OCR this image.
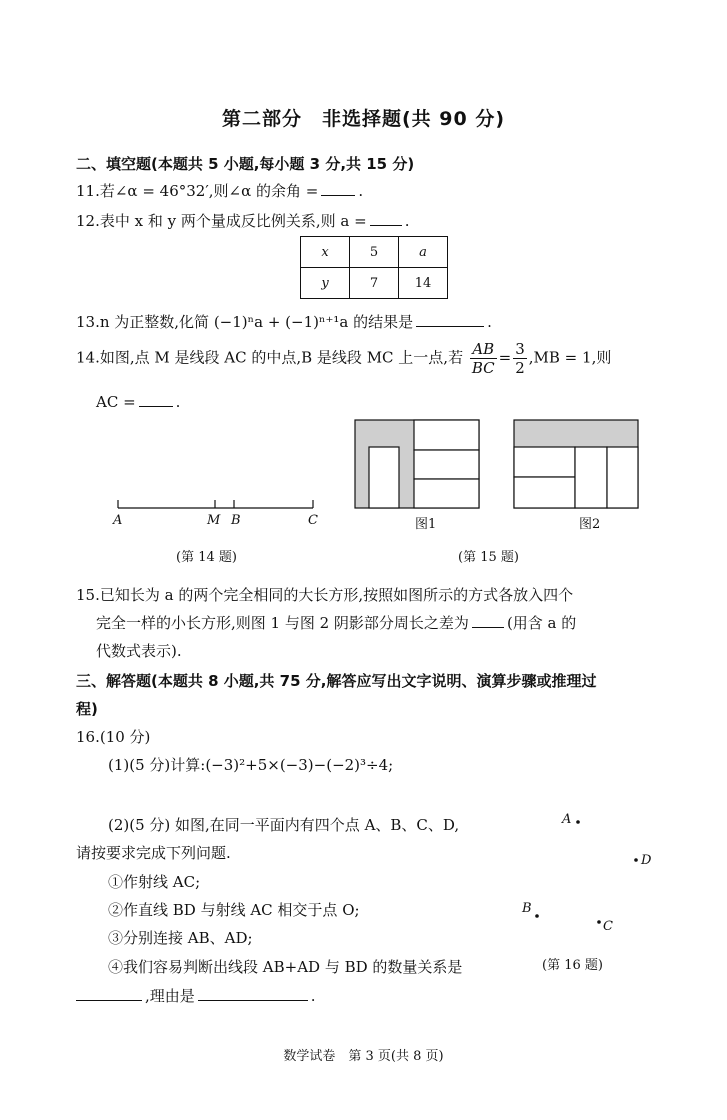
第二部分　非选择题(共 90 分)
二、填空题(本题共 5 小题,每小题 3 分,共 15 分)
11.若∠α = 46°32′,则∠α 的余角 =	.
12.表中 x 和 y 两个量成反比例关系,则 a =	.
x	5	a
y	7	14
13.n 为正整数,化简 (−1)ⁿa + (−1)ⁿ⁺¹a 的结果是	.
14.如图,点 M 是线段 AC 的中点,B 是线段 MC 上一点,若 $\frac{AB}{BC} = \frac{3}{2} ,MB = 1$,则
AC =	.
A	M B	C
(第 14 题)
图1	图2
(第 15 题)
15.已知长为 a 的两个完全相同的大长方形,按照如图所示的方式各放入四个
完全一样的小长方形,则图 1 与图 2 阴影部分周长之差为	(用含 a 的
代数式表示).
三、解答题(本题共 8 小题,共 75 分,解答应写出文字说明、演算步骤或推理过
程)
16.(10 分)
(1)(5 分)计算:(−3)²+5×(−3)−(−2)³÷4;
(2)(5 分) 如图,在同一平面内有四个点 A、B、C、D,
请按要求完成下列问题.
①作射线 AC;
②作直线 BD 与射线 AC 相交于点 O;
③分别连接 AB、AD;
④我们容易判断出线段 AB+AD 与 BD 的数量关系是
,理由是	.
A
D
B
C
(第 16 题)
数学试卷　第 3 页(共 8 页)
